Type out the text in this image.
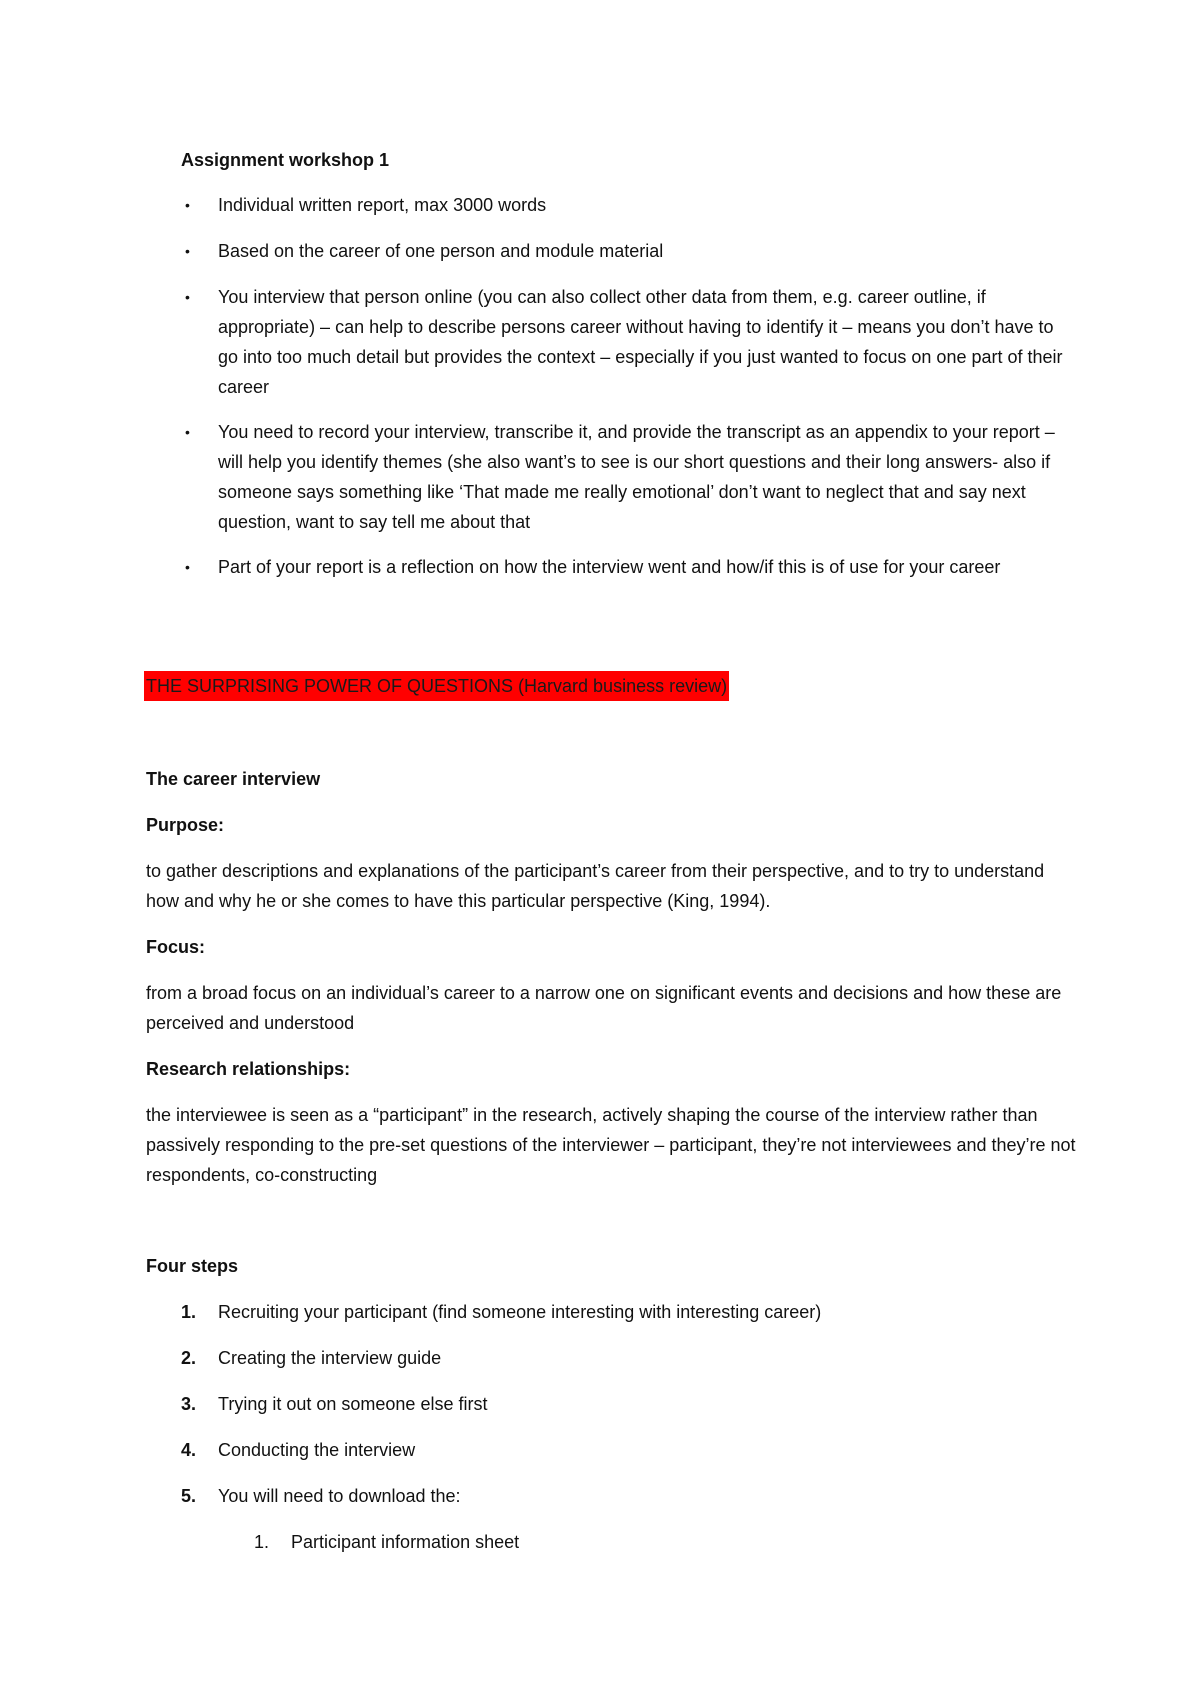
Assignment workshop 1
• Individual written report, max 3000 words
• Based on the career of one person and module material
• You interview that person online (you can also collect other data from them, e.g. career outline, if appropriate) – can help to describe persons career without having to identify it – means you don’t have to go into too much detail but provides the context – especially if you just wanted to focus on one part of their career
• You need to record your interview, transcribe it, and provide the transcript as an appendix to your report – will help you identify themes (she also want’s to see is our short questions and their long answers- also if someone says something like ‘That made me really emotional’ don’t want to neglect that and say next question, want to say tell me about that
• Part of your report is a reflection on how the interview went and how/if this is of use for your career
THE SURPRISING POWER OF QUESTIONS (Harvard business review)
The career interview
Purpose:
to gather descriptions and explanations of the participant’s career from their perspective, and to try to understand how and why he or she comes to have this particular perspective (King, 1994).
Focus:
from a broad focus on an individual’s career to a narrow one on significant events and decisions and how these are perceived and understood
Research relationships:
the interviewee is seen as a “participant” in the research, actively shaping the course of the interview rather than passively responding to the pre-set questions of the interviewer – participant, they’re not interviewees and they’re not respondents, co-constructing
Four steps
1. Recruiting your participant (find someone interesting with interesting career)
2. Creating the interview guide
3. Trying it out on someone else first
4. Conducting the interview
5. You will need to download the:
1. Participant information sheet
